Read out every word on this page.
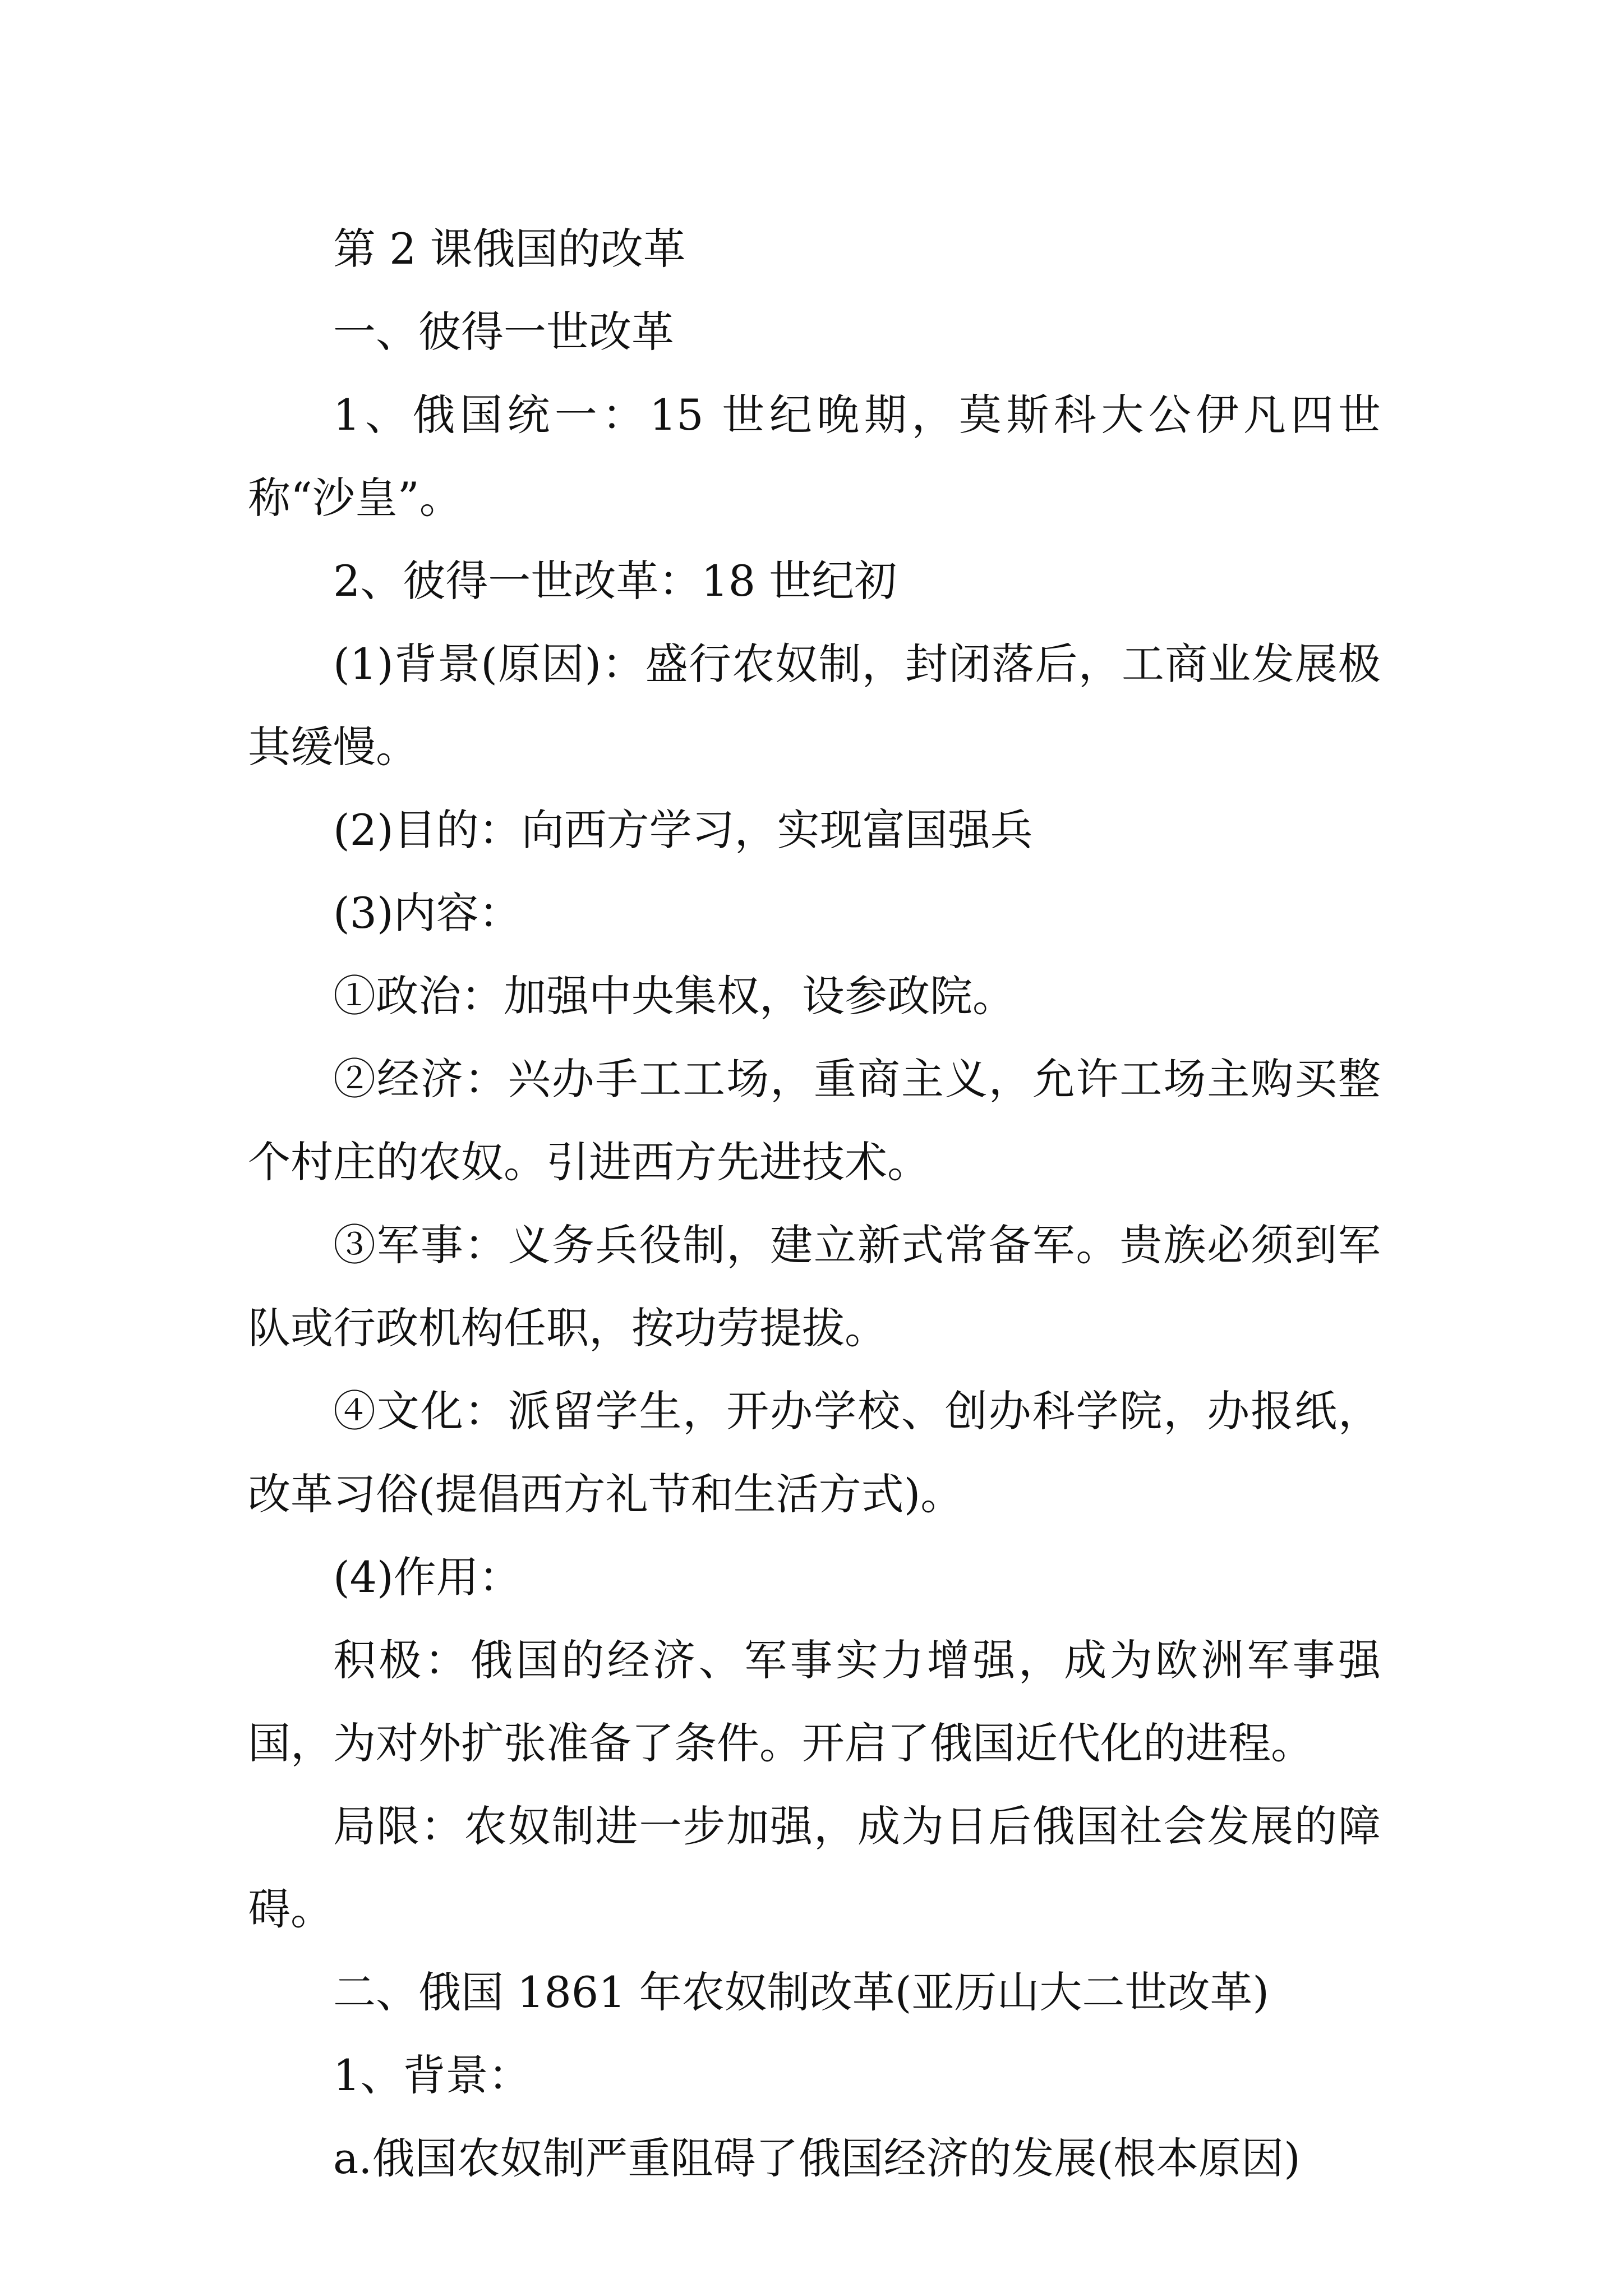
第 2 课俄国的改革

一、彼得一世改革

1、俄国统一：15 世纪晚期，莫斯科大公伊凡四世称“沙皇”。

2、彼得一世改革：18 世纪初

(1)背景(原因)：盛行农奴制，封闭落后，工商业发展极其缓慢。

(2)目的：向西方学习，实现富国强兵

(3)内容：

①政治：加强中央集权，设参政院。

②经济：兴办手工工场，重商主义，允许工场主购买整个村庄的农奴。引进西方先进技术。

③军事：义务兵役制，建立新式常备军。贵族必须到军队或行政机构任职，按功劳提拔。

④文化：派留学生，开办学校、创办科学院，办报纸，改革习俗(提倡西方礼节和生活方式)。

(4)作用：

积极：俄国的经济、军事实力增强，成为欧洲军事强国，为对外扩张准备了条件。开启了俄国近代化的进程。

局限：农奴制进一步加强，成为日后俄国社会发展的障碍。

二、俄国 1861 年农奴制改革(亚历山大二世改革)

1、背景：

a.俄国农奴制严重阻碍了俄国经济的发展(根本原因)
